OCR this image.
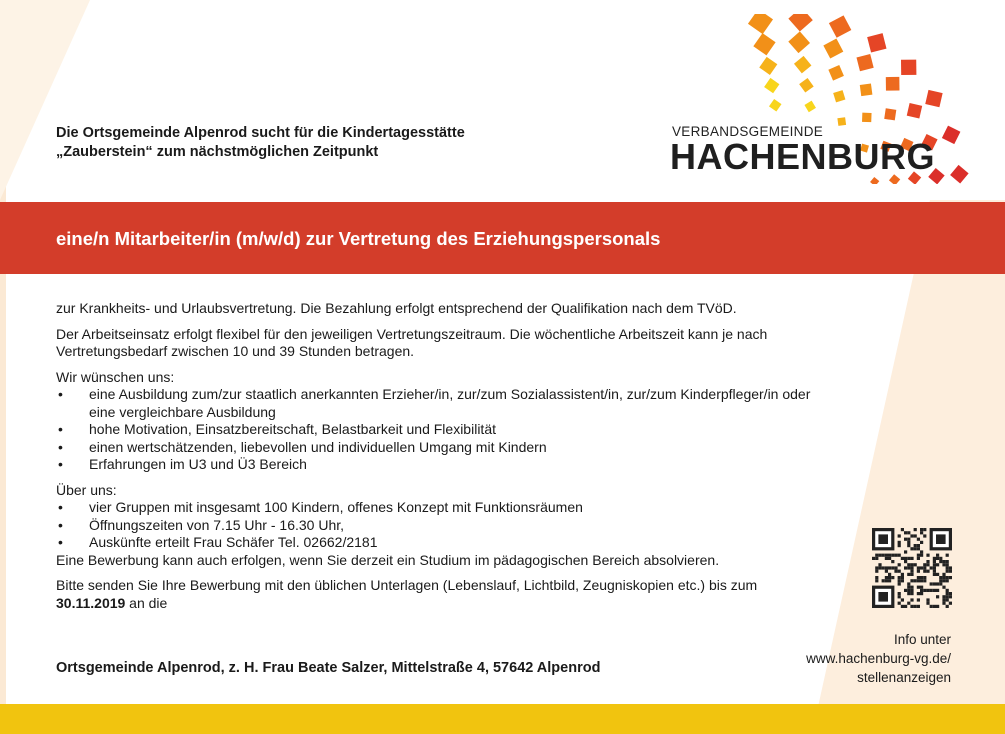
Die Ortsgemeinde Alpenrod sucht für die Kindertagesstätte
„Zauberstein“ zum nächstmöglichen Zeitpunkt
VERBANDSGEMEINDE
HACHENBURG
eine/n Mitarbeiter/in (m/w/d) zur Vertretung des Erziehungspersonals

zur Krankheits- und Urlaubsvertretung. Die Bezahlung erfolgt entsprechend der Qualifikation nach dem TVöD.

Der Arbeitseinsatz erfolgt flexibel für den jeweiligen Vertretungszeitraum. Die wöchentliche Arbeitszeit kann je nach Vertretungsbedarf zwischen 10 und 39 Stunden betragen.

Wir wünschen uns:
• eine Ausbildung zum/zur staatlich anerkannten Erzieher/in, zur/zum Sozialassistent/in, zur/zum Kinderpfleger/in oder eine vergleichbare Ausbildung
• hohe Motivation, Einsatzbereitschaft, Belastbarkeit und Flexibilität
• einen wertschätzenden, liebevollen und individuellen Umgang mit Kindern
• Erfahrungen im U3 und Ü3 Bereich
Über uns:
• vier Gruppen mit insgesamt 100 Kindern, offenes Konzept mit Funktionsräumen
• Öffnungszeiten von 7.15 Uhr - 16.30 Uhr,
• Auskünfte erteilt Frau Schäfer Tel. 02662/2181

Eine Bewerbung kann auch erfolgen, wenn Sie derzeit ein Studium im pädagogischen Bereich absolvieren.

Bitte senden Sie Ihre Bewerbung mit den üblichen Unterlagen (Lebenslauf, Lichtbild, Zeugniskopien etc.) bis zum 30.11.2019 an die

Ortsgemeinde Alpenrod, z. H. Frau Beate Salzer, Mittelstraße 4, 57642 Alpenrod
Info unter
www.hachenburg-vg.de/
stellenanzeigen
